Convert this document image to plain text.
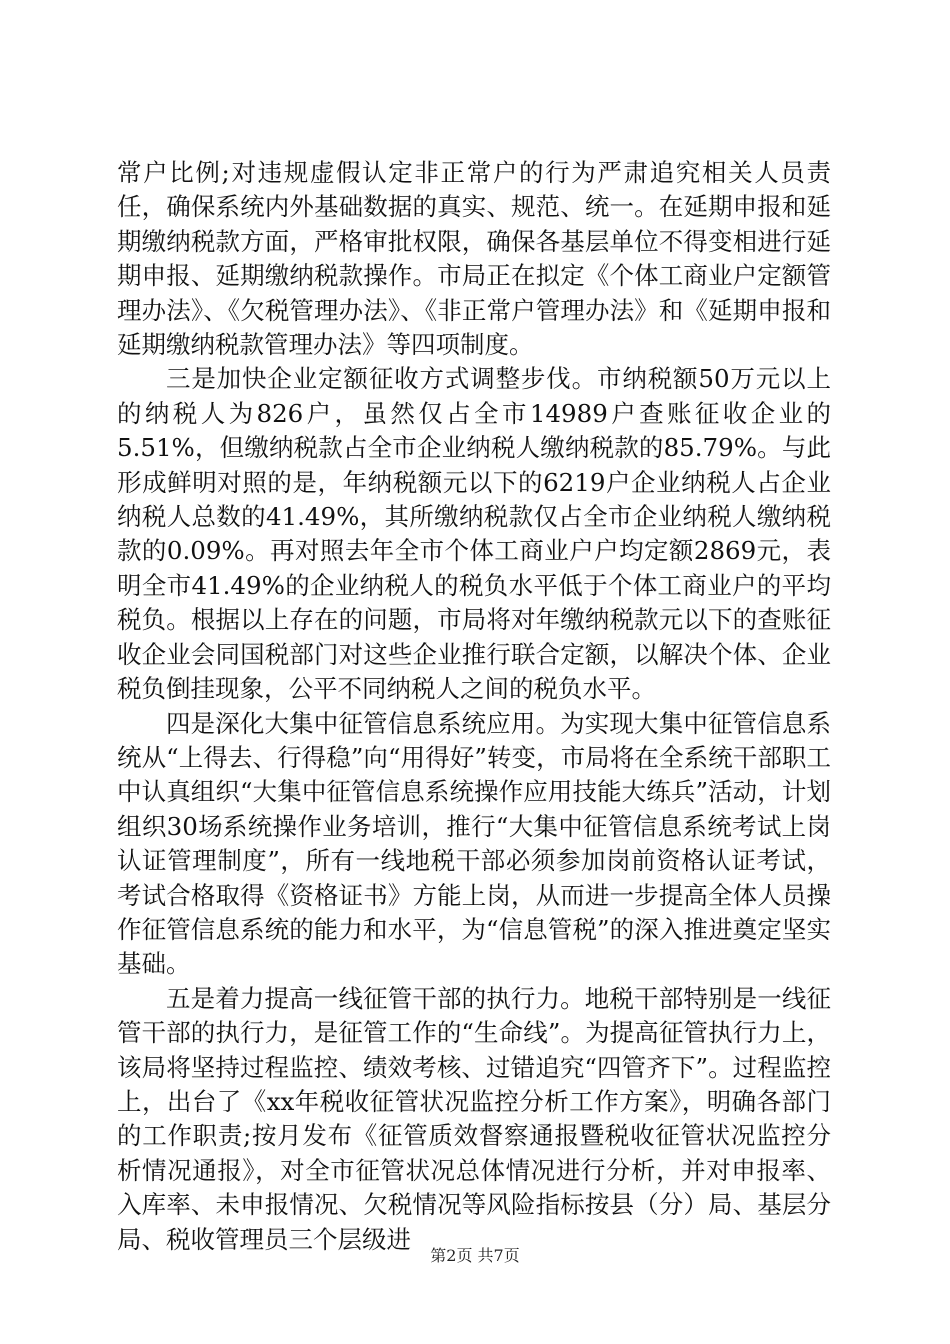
常户比例;对违规虚假认定非正常户的行为严肃追究相关人员责任，确保系统内外基础数据的真实、规范、统一。在延期申报和延期缴纳税款方面，严格审批权限，确保各基层单位不得变相进行延期申报、延期缴纳税款操作。市局正在拟定《个体工商业户定额管理办法》、《欠税管理办法》、《非正常户管理办法》和《延期申报和延期缴纳税款管理办法》等四项制度。

三是加快企业定额征收方式调整步伐。市纳税额50万元以上的纳税人为826户，虽然仅占全市14989户查账征收企业的5.51%，但缴纳税款占全市企业纳税人缴纳税款的85.79%。与此形成鲜明对照的是，年纳税额元以下的6219户企业纳税人占企业纳税人总数的41.49%，其所缴纳税款仅占全市企业纳税人缴纳税款的0.09%。再对照去年全市个体工商业户户均定额2869元，表明全市41.49%的企业纳税人的税负水平低于个体工商业户的平均税负。根据以上存在的问题，市局将对年缴纳税款元以下的查账征收企业会同国税部门对这些企业推行联合定额，以解决个体、企业税负倒挂现象，公平不同纳税人之间的税负水平。

四是深化大集中征管信息系统应用。为实现大集中征管信息系统从“上得去、行得稳”向“用得好”转变，市局将在全系统干部职工中认真组织“大集中征管信息系统操作应用技能大练兵”活动，计划组织30场系统操作业务培训，推行“大集中征管信息系统考试上岗认证管理制度”，所有一线地税干部必须参加岗前资格认证考试，考试合格取得《资格证书》方能上岗，从而进一步提高全体人员操作征管信息系统的能力和水平，为“信息管税”的深入推进奠定坚实基础。

五是着力提高一线征管干部的执行力。地税干部特别是一线征管干部的执行力，是征管工作的“生命线”。为提高征管执行力上，该局将坚持过程监控、绩效考核、过错追究“四管齐下”。过程监控上，出台了《xx年税收征管状况监控分析工作方案》，明确各部门的工作职责;按月发布《征管质效督察通报暨税收征管状况监控分析情况通报》，对全市征管状况总体情况进行分析，并对申报率、入库率、未申报情况、欠税情况等风险指标按县（分）局、基层分局、税收管理员三个层级进

第2页 共7页
